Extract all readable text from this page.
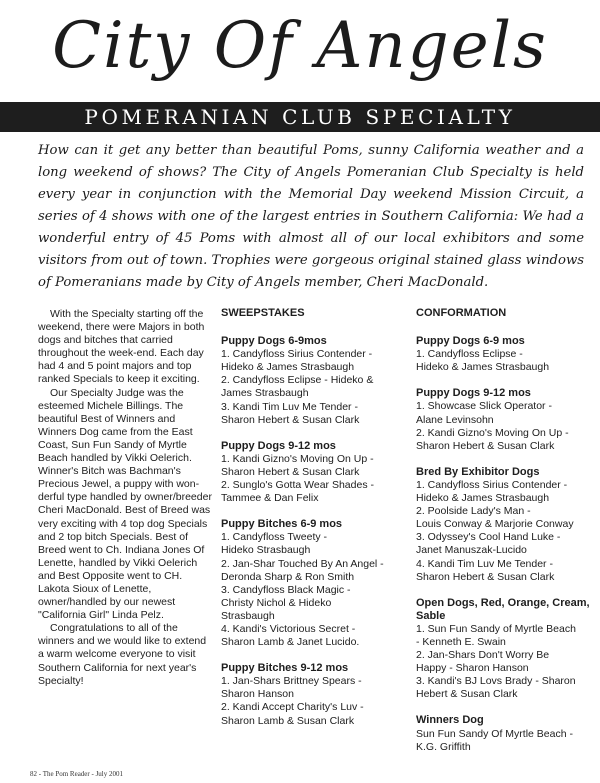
City Of Angels
POMERANIAN CLUB SPECIALTY

How can it get any better than beautiful Poms, sunny California weather and a long weekend of shows? The City of Angels Pomeranian Club Specialty is held every year in conjunction with the Memorial Day weekend Mission Circuit, a series of 4 shows with one of the largest entries in Southern California: We had a wonderful entry of 45 Poms with almost all of our local exhibitors and some visitors from out of town. Trophies were gorgeous original stained glass windows of Pomeranians made by City of Angels member, Cheri MacDonald.

With the Specialty starting off the weekend, there were Majors in both dogs and bitches that carried throughout the week-end. Each day had 4 and 5 point majors and top ranked Specials to keep it exciting.

Our Specialty Judge was the esteemed Michele Billings. The beautiful Best of Winners and Winners Dog came from the East Coast, Sun Fun Sandy of Myrtle Beach handled by Vikki Oelerich. Winner's Bitch was Bachman's Precious Jewel, a puppy with won-derful type handled by owner/breeder Cheri MacDonald. Best of Breed was very exciting with 4 top dog Specials and 2 top bitch Specials. Best of Breed went to Ch. Indiana Jones Of Lenette, handled by Vikki Oelerich and Best Opposite went to CH. Lakota Sioux of Lenette, owner/handled by our newest "California Girl" Linda Pelz.

Congratulations to all of the winners and we would like to extend a warm welcome everyone to visit Southern California for next year's Specialty!

SWEEPSTAKES
Puppy Dogs 6-9mos
1. Candyfloss Sirius Contender -
Hideko & James Strasbaugh
2. Candyfloss Eclipse - Hideko &
James Strasbaugh
3. Kandi Tim Luv Me Tender -
Sharon Hebert & Susan Clark
Puppy Dogs 9-12 mos
1. Kandi Gizno's Moving On Up -
Sharon Hebert & Susan Clark
2. Sunglo's Gotta Wear Shades -
Tammee & Dan Felix
Puppy Bitches 6-9 mos
1. Candyfloss Tweety -
Hideko Strasbaugh
2. Jan-Shar Touched By An Angel -
Deronda Sharp & Ron Smith
3. Candyfloss Black Magic -
Christy Nichol & Hideko
Strasbaugh
4. Kandi's Victorious Secret -
Sharon Lamb & Janet Lucido.
Puppy Bitches 9-12 mos
1. Jan-Shars Brittney Spears -
Sharon Hanson
2. Kandi Accept Charity's Luv -
Sharon Lamb & Susan Clark
CONFORMATION
Puppy Dogs 6-9 mos
1. Candyfloss Eclipse -
Hideko & James Strasbaugh
Puppy Dogs 9-12 mos
1. Showcase Slick Operator -
Alane Levinsohn
2. Kandi Gizno's Moving On Up -
Sharon Hebert & Susan Clark
Bred By Exhibitor Dogs
1. Candyfloss Sirius Contender -
Hideko & James Strasbaugh
2. Poolside Lady's Man -
Louis Conway & Marjorie Conway
3. Odyssey's Cool Hand Luke -
Janet Manuszak-Lucido
4. Kandi Tim Luv Me Tender -
Sharon Hebert & Susan Clark
Open Dogs, Red, Orange, Cream, Sable
1. Sun Fun Sandy of Myrtle Beach
- Kenneth E. Swain
2. Jan-Shars Don't Worry Be
Happy - Sharon Hanson
3. Kandi's BJ Lovs Brady - Sharon
Hebert & Susan Clark
Winners Dog
Sun Fun Sandy Of Myrtle Beach -
K.G. Griffith
82 - The Pom Reader - July 2001
